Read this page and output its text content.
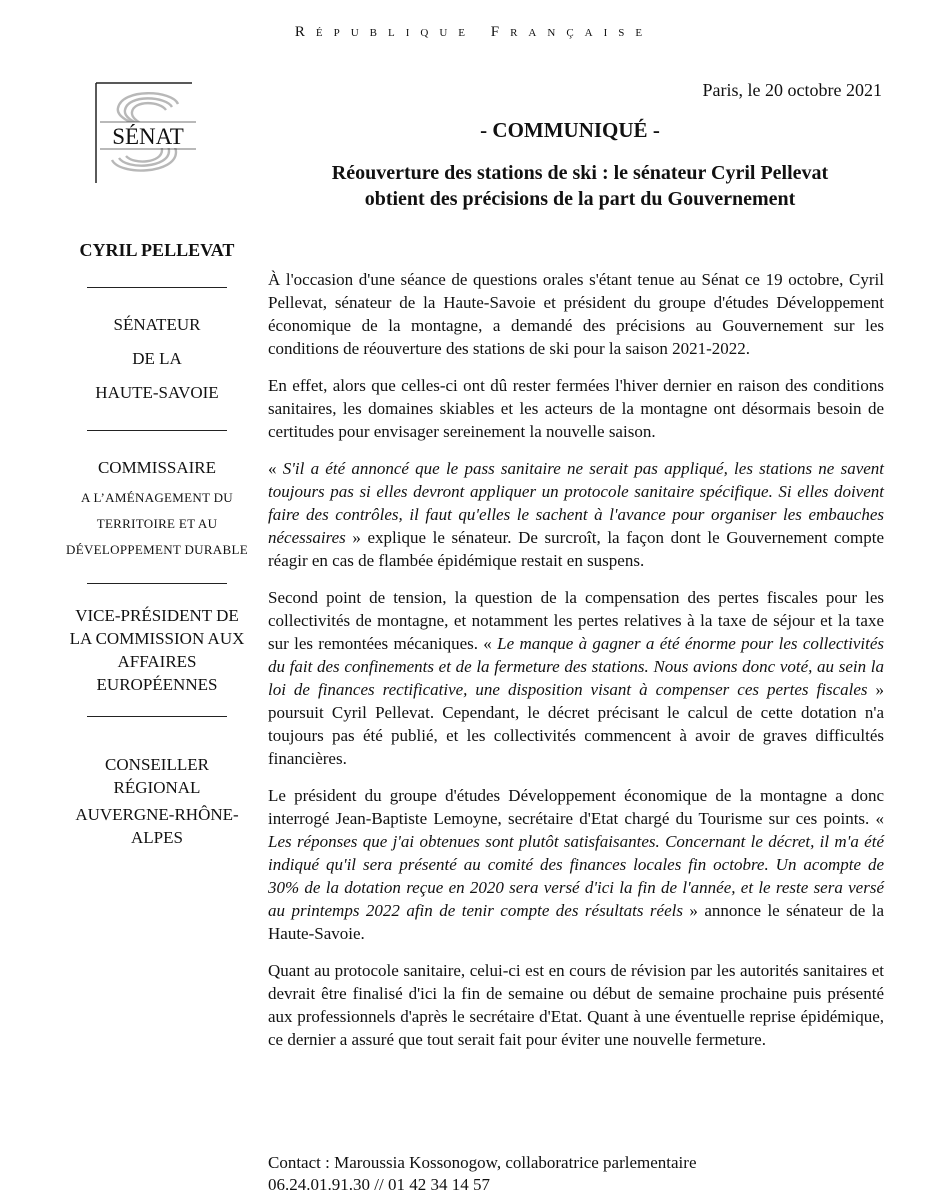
République Française
SÉNAT
Paris, le 20 octobre 2021
- COMMUNIQUÉ -
Réouverture des stations de ski : le sénateur Cyril Pellevat
obtient des précisions de la part du Gouvernement
CYRIL PELLEVAT
SÉNATEUR
DE LA
HAUTE-SAVOIE
COMMISSAIRE
A L’AMÉNAGEMENT DU
TERRITOIRE ET AU
DÉVELOPPEMENT DURABLE
VICE-PRÉSIDENT DE
LA COMMISSION AUX
AFFAIRES
EUROPÉENNES
CONSEILLER
RÉGIONAL
AUVERGNE-RHÔNE-
ALPES

À l'occasion d'une séance de questions orales s'étant tenue au Sénat ce 19 octobre, Cyril Pellevat, sénateur de la Haute-Savoie et président du groupe d'études Développement économique de la montagne, a demandé des précisions au Gouvernement sur les conditions de réouverture des stations de ski pour la saison 2021-2022.

En effet, alors que celles-ci ont dû rester fermées l'hiver dernier en raison des conditions sanitaires, les domaines skiables et les acteurs de la montagne ont désormais besoin de certitudes pour envisager sereinement la nouvelle saison.

« S'il a été annoncé que le pass sanitaire ne serait pas appliqué, les stations ne savent toujours pas si elles devront appliquer un protocole sanitaire spécifique. Si elles doivent faire des contrôles, il faut qu'elles le sachent à l'avance pour organiser les embauches nécessaires » explique le sénateur. De surcroît, la façon dont le Gouvernement compte réagir en cas de flambée épidémique restait en suspens.

Second point de tension, la question de la compensation des pertes fiscales pour les collectivités de montagne, et notamment les pertes relatives à la taxe de séjour et la taxe sur les remontées mécaniques. « Le manque à gagner a été énorme pour les collectivités du fait des confinements et de la fermeture des stations. Nous avions donc voté, au sein la loi de finances rectificative, une disposition visant à compenser ces pertes fiscales » poursuit Cyril Pellevat. Cependant, le décret précisant le calcul de cette dotation n'a toujours pas été publié, et les collectivités commencent à avoir de graves difficultés financières.

Le président du groupe d'études Développement économique de la montagne a donc interrogé Jean-Baptiste Lemoyne, secrétaire d'Etat chargé du Tourisme sur ces points. « Les réponses que j'ai obtenues sont plutôt satisfaisantes. Concernant le décret, il m'a été indiqué qu'il sera présenté au comité des finances locales fin octobre. Un acompte de 30% de la dotation reçue en 2020 sera versé d'ici la fin de l'année, et le reste sera versé au printemps 2022 afin de tenir compte des résultats réels » annonce le sénateur de la Haute-Savoie.

Quant au protocole sanitaire, celui-ci est en cours de révision par les autorités sanitaires et devrait être finalisé d'ici la fin de semaine ou début de semaine prochaine puis présenté aux professionnels d'après le secrétaire d'Etat. Quant à une éventuelle reprise épidémique, ce dernier a assuré que tout serait fait pour éviter une nouvelle fermeture.

Contact : Maroussia Kossonogow, collaboratrice parlementaire
06.24.01.91.30 // 01 42 34 14 57
